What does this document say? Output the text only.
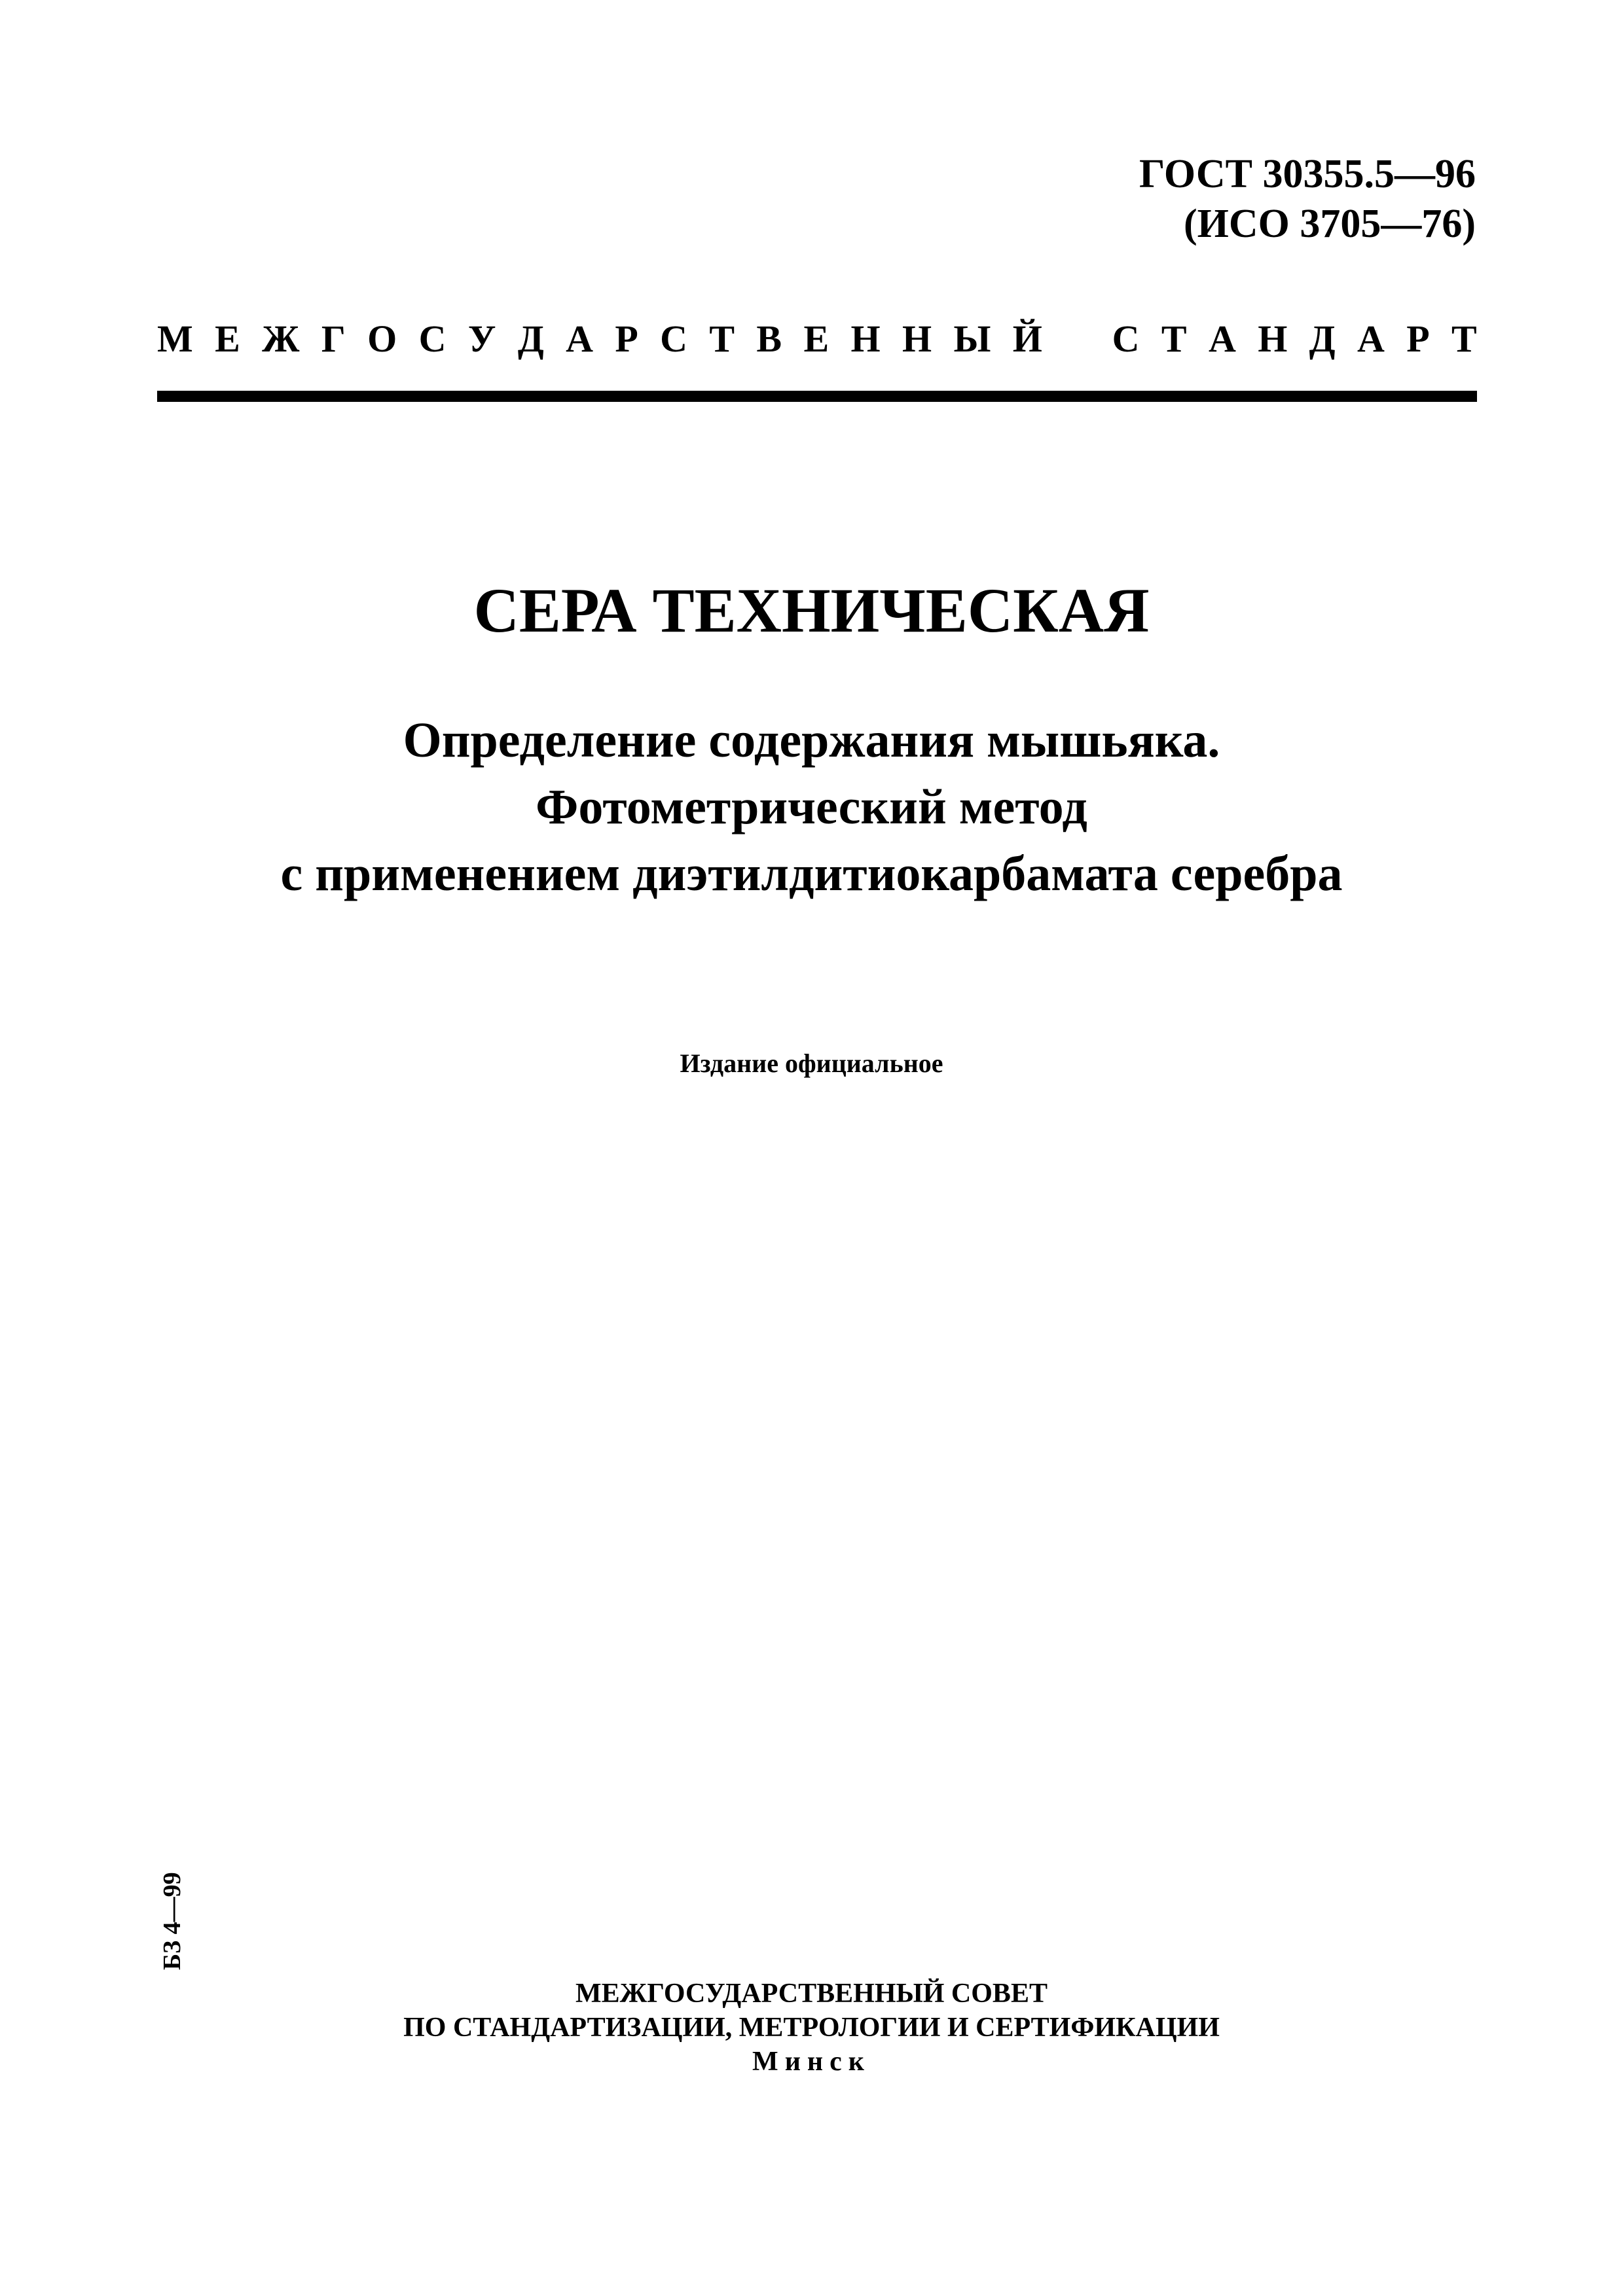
ГОСТ 30355.5—96
(ИСО 3705—76)
М Е Ж Г О С У Д А Р С Т В Е Н Н Ы Й С Т А Н Д А Р Т
СЕРА ТЕХНИЧЕСКАЯ
Определение содержания мышьяка.
Фотометрический метод
с применением диэтилдитиокарбамата серебра
Издание официальное
БЗ 4—99
МЕЖГОСУДАРСТВЕННЫЙ СОВЕТ
ПО СТАНДАРТИЗАЦИИ, МЕТРОЛОГИИ И СЕРТИФИКАЦИИ
Минск
